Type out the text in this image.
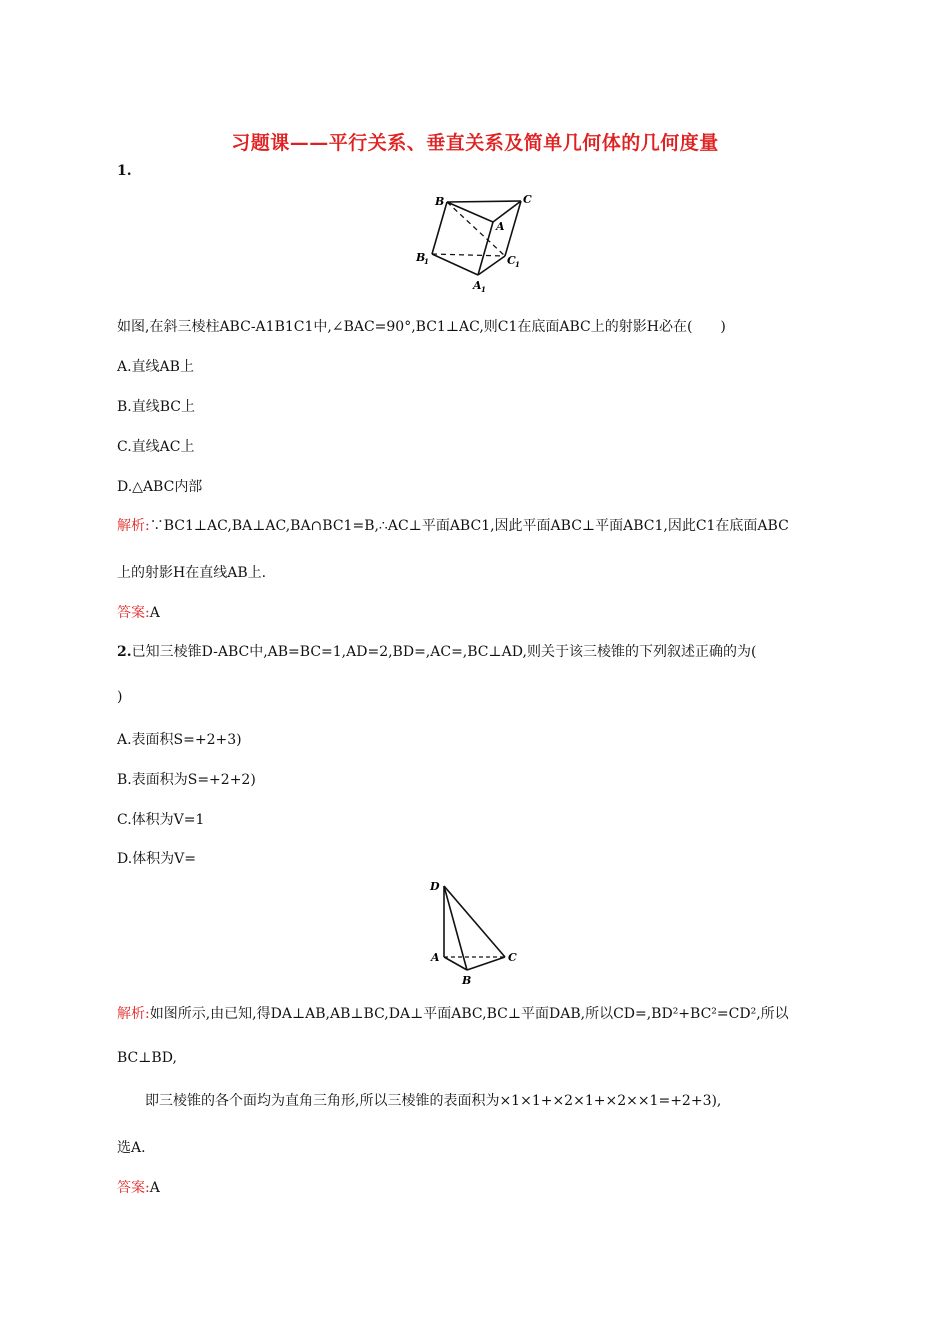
习题课——平行关系、垂直关系及简单几何体的几何度量
1.
B	C
A
B
1	C 1
A 1
如图,在斜三棱柱ABC-A1B1C1中,∠BAC=90°,BC1⊥AC,则C1在底面ABC上的射影H必在(　　)
A.直线AB上
B.直线BC上
C.直线AC上
D.△ABC内部
解析:∵BC1⊥AC,BA⊥AC,BA∩BC1=B,∴AC⊥平面ABC1,因此平面ABC⊥平面ABC1,因此C1在底面ABC
上的射影H在直线AB上.
答案:A
2.已知三棱锥D-ABC中,AB=BC=1,AD=2,BD=,AC=,BC⊥AD,则关于该三棱锥的下列叙述正确的为(
)
A.表面积S=+2+3)
B.表面积为S=+2+2)
C.体积为V=1
D.体积为V=
D
A
B
C
解析:如图所示,由已知,得DA⊥AB,AB⊥BC,DA⊥平面ABC,BC⊥平面DAB,所以CD=,BD²+BC²=CD²,所以
BC⊥BD,
即三棱锥的各个面均为直角三角形,所以三棱锥的表面积为×1×1+×2×1+×2××1=+2+3),
选A.
答案:A
